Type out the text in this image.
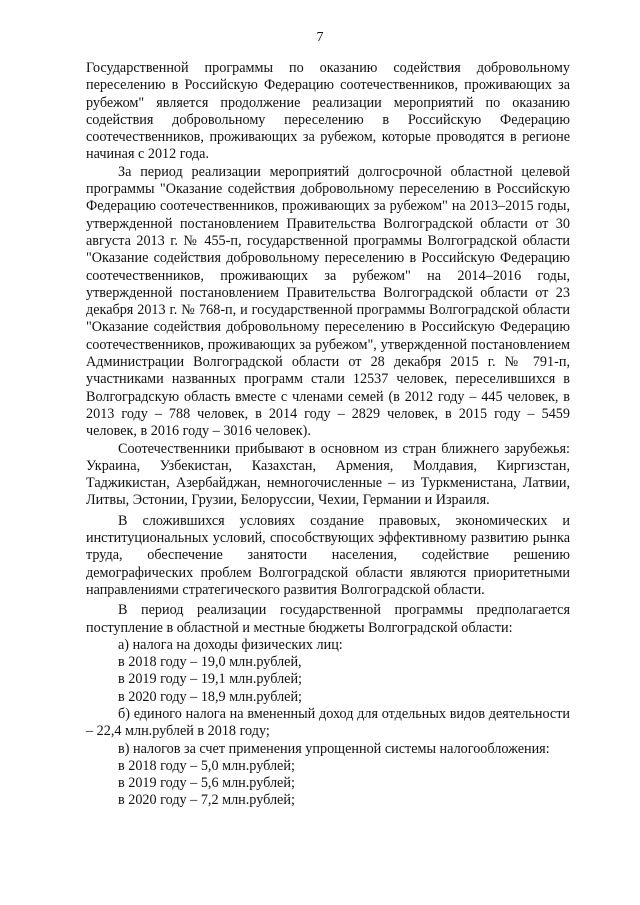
7

Государственной программы по оказанию содействия добровольному переселению в Российскую Федерацию соотечественников, проживающих за рубежом" является продолжение реализации мероприятий по оказанию содействия добровольному переселению в Российскую Федерацию соотечественников, проживающих за рубежом, которые проводятся в регионе начиная с 2012 года.

За период реализации мероприятий долгосрочной областной целевой программы "Оказание содействия добровольному переселению в Российскую Федерацию соотечественников, проживающих за рубежом" на 2013–2015 годы, утвержденной постановлением Правительства Волгоградской области от 30 августа 2013 г. № 455-п, государственной программы Волгоградской области "Оказание содействия добровольному переселению в Российскую Федерацию соотечественников, проживающих за рубежом" на 2014–2016 годы, утвержденной постановлением Правительства Волгоградской области от 23 декабря 2013 г. № 768-п, и государственной программы Волгоградской области "Оказание содействия добровольному переселению в Российскую Федерацию соотечественников, проживающих за рубежом", утвержденной постановлением Администрации Волгоградской области от 28 декабря 2015 г. № 791-п, участниками названных программ стали 12537 человек, переселившихся в Волгоградскую область вместе с членами семей (в 2012 году – 445 человек, в 2013 году – 788 человек, в 2014 году – 2829 человек, в 2015 году – 5459 человек, в 2016 году – 3016 человек).

Соотечественники прибывают в основном из стран ближнего зарубежья: Украина, Узбекистан, Казахстан, Армения, Молдавия, Киргизстан, Таджикистан, Азербайджан, немногочисленные – из Туркменистана, Латвии, Литвы, Эстонии, Грузии, Белоруссии, Чехии, Германии и Израиля.

В сложившихся условиях создание правовых, экономических и институциональных условий, способствующих эффективному развитию рынка труда, обеспечение занятости населения, содействие решению демографических проблем Волгоградской области являются приоритетными направлениями стратегического развития Волгоградской области.

В период реализации государственной программы предполагается поступление в областной и местные бюджеты Волгоградской области:

а) налога на доходы физических лиц:

в 2018 году – 19,0 млн.рублей,

в 2019 году – 19,1 млн.рублей;

в 2020 году – 18,9 млн.рублей;

б) единого налога на вмененный доход для отдельных видов деятельности – 22,4 млн.рублей в 2018 году;

в) налогов за счет применения упрощенной системы налогообложения:

в 2018 году – 5,0 млн.рублей;

в 2019 году – 5,6 млн.рублей;

в 2020 году – 7,2 млн.рублей;
